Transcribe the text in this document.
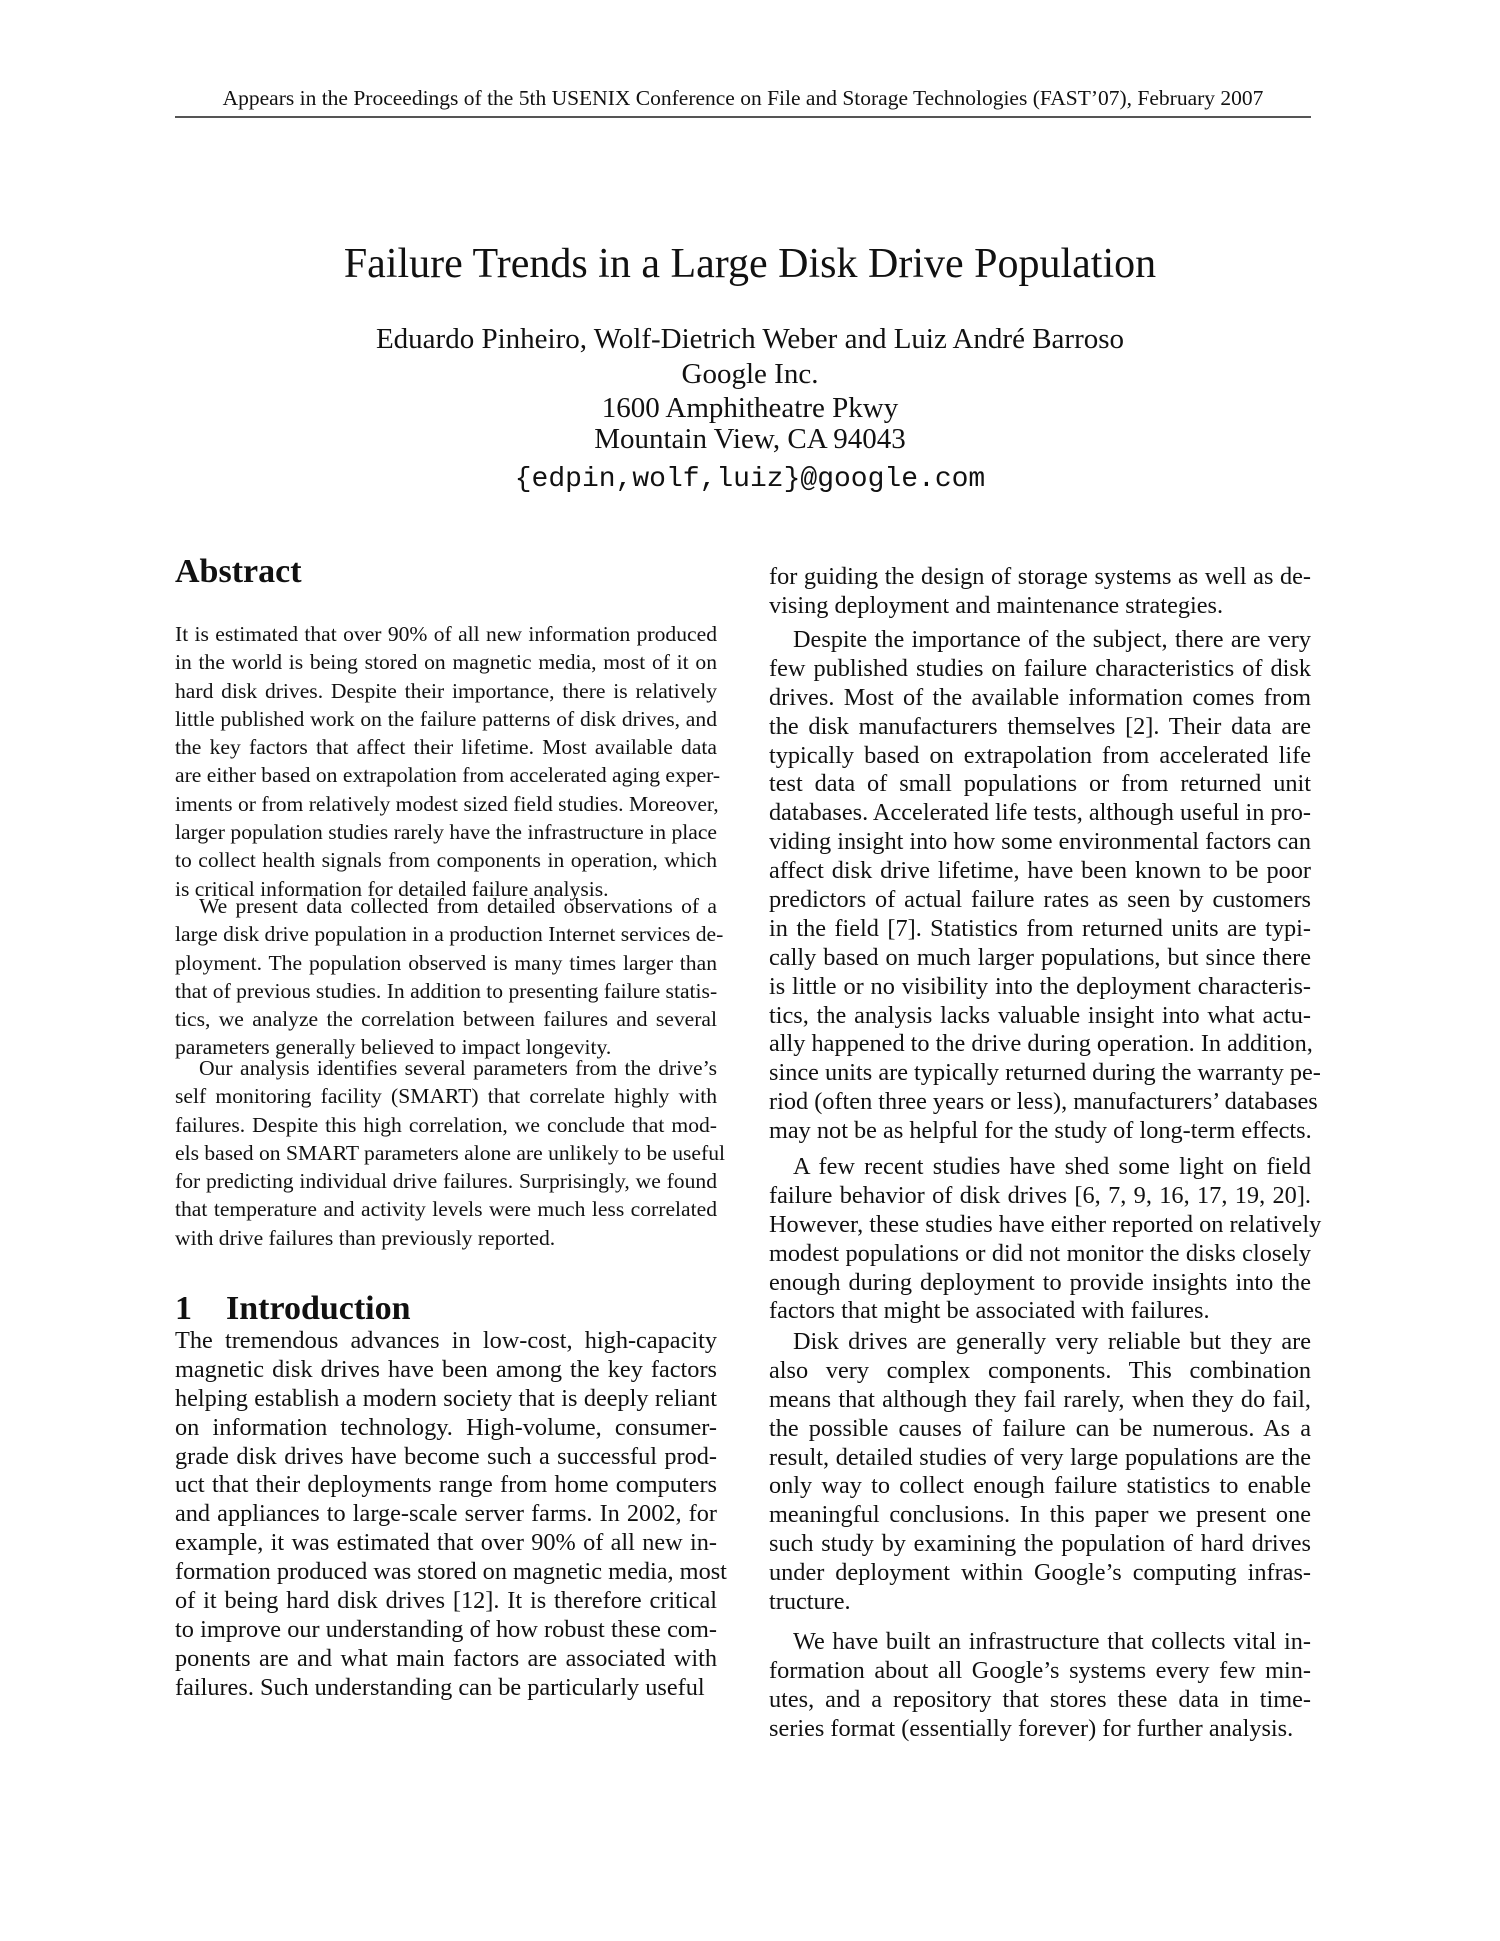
Appears in the Proceedings of the 5th USENIX Conference on File and Storage Technologies (FAST’07), February 2007
Failure Trends in a Large Disk Drive Population
Eduardo Pinheiro, Wolf-Dietrich Weber and Luiz André Barroso
Google Inc.
1600 Amphitheatre Pkwy
Mountain View, CA 94043
{edpin,wolf,luiz}@google.com
Abstract
It is estimated that over 90% of all new information produced
in the world is being stored on magnetic media, most of it on
hard disk drives. Despite their importance, there is relatively
little published work on the failure patterns of disk drives, and
the key factors that affect their lifetime. Most available data
are either based on extrapolation from accelerated aging exper-
iments or from relatively modest sized field studies. Moreover,
larger population studies rarely have the infrastructure in place
to collect health signals from components in operation, which
is critical information for detailed failure analysis.
We present data collected from detailed observations of a
large disk drive population in a production Internet services de-
ployment. The population observed is many times larger than
that of previous studies. In addition to presenting failure statis-
tics, we analyze the correlation between failures and several
parameters generally believed to impact longevity.
Our analysis identifies several parameters from the drive’s
self monitoring facility (SMART) that correlate highly with
failures. Despite this high correlation, we conclude that mod-
els based on SMART parameters alone are unlikely to be useful
for predicting individual drive failures. Surprisingly, we found
that temperature and activity levels were much less correlated
with drive failures than previously reported.
1    Introduction
The tremendous advances in low-cost, high-capacity
magnetic disk drives have been among the key factors
helping establish a modern society that is deeply reliant
on information technology. High-volume, consumer-
grade disk drives have become such a successful prod-
uct that their deployments range from home computers
and appliances to large-scale server farms. In 2002, for
example, it was estimated that over 90% of all new in-
formation produced was stored on magnetic media, most
of it being hard disk drives [12]. It is therefore critical
to improve our understanding of how robust these com-
ponents are and what main factors are associated with
failures. Such understanding can be particularly useful
for guiding the design of storage systems as well as de-
vising deployment and maintenance strategies.
Despite the importance of the subject, there are very
few published studies on failure characteristics of disk
drives. Most of the available information comes from
the disk manufacturers themselves [2]. Their data are
typically based on extrapolation from accelerated life
test data of small populations or from returned unit
databases. Accelerated life tests, although useful in pro-
viding insight into how some environmental factors can
affect disk drive lifetime, have been known to be poor
predictors of actual failure rates as seen by customers
in the field [7]. Statistics from returned units are typi-
cally based on much larger populations, but since there
is little or no visibility into the deployment characteris-
tics, the analysis lacks valuable insight into what actu-
ally happened to the drive during operation. In addition,
since units are typically returned during the warranty pe-
riod (often three years or less), manufacturers’ databases
may not be as helpful for the study of long-term effects.
A few recent studies have shed some light on field
failure behavior of disk drives [6, 7, 9, 16, 17, 19, 20].
However, these studies have either reported on relatively
modest populations or did not monitor the disks closely
enough during deployment to provide insights into the
factors that might be associated with failures.
Disk drives are generally very reliable but they are
also very complex components. This combination
means that although they fail rarely, when they do fail,
the possible causes of failure can be numerous. As a
result, detailed studies of very large populations are the
only way to collect enough failure statistics to enable
meaningful conclusions. In this paper we present one
such study by examining the population of hard drives
under deployment within Google’s computing infras-
tructure.
We have built an infrastructure that collects vital in-
formation about all Google’s systems every few min-
utes, and a repository that stores these data in time-
series format (essentially forever) for further analysis.
